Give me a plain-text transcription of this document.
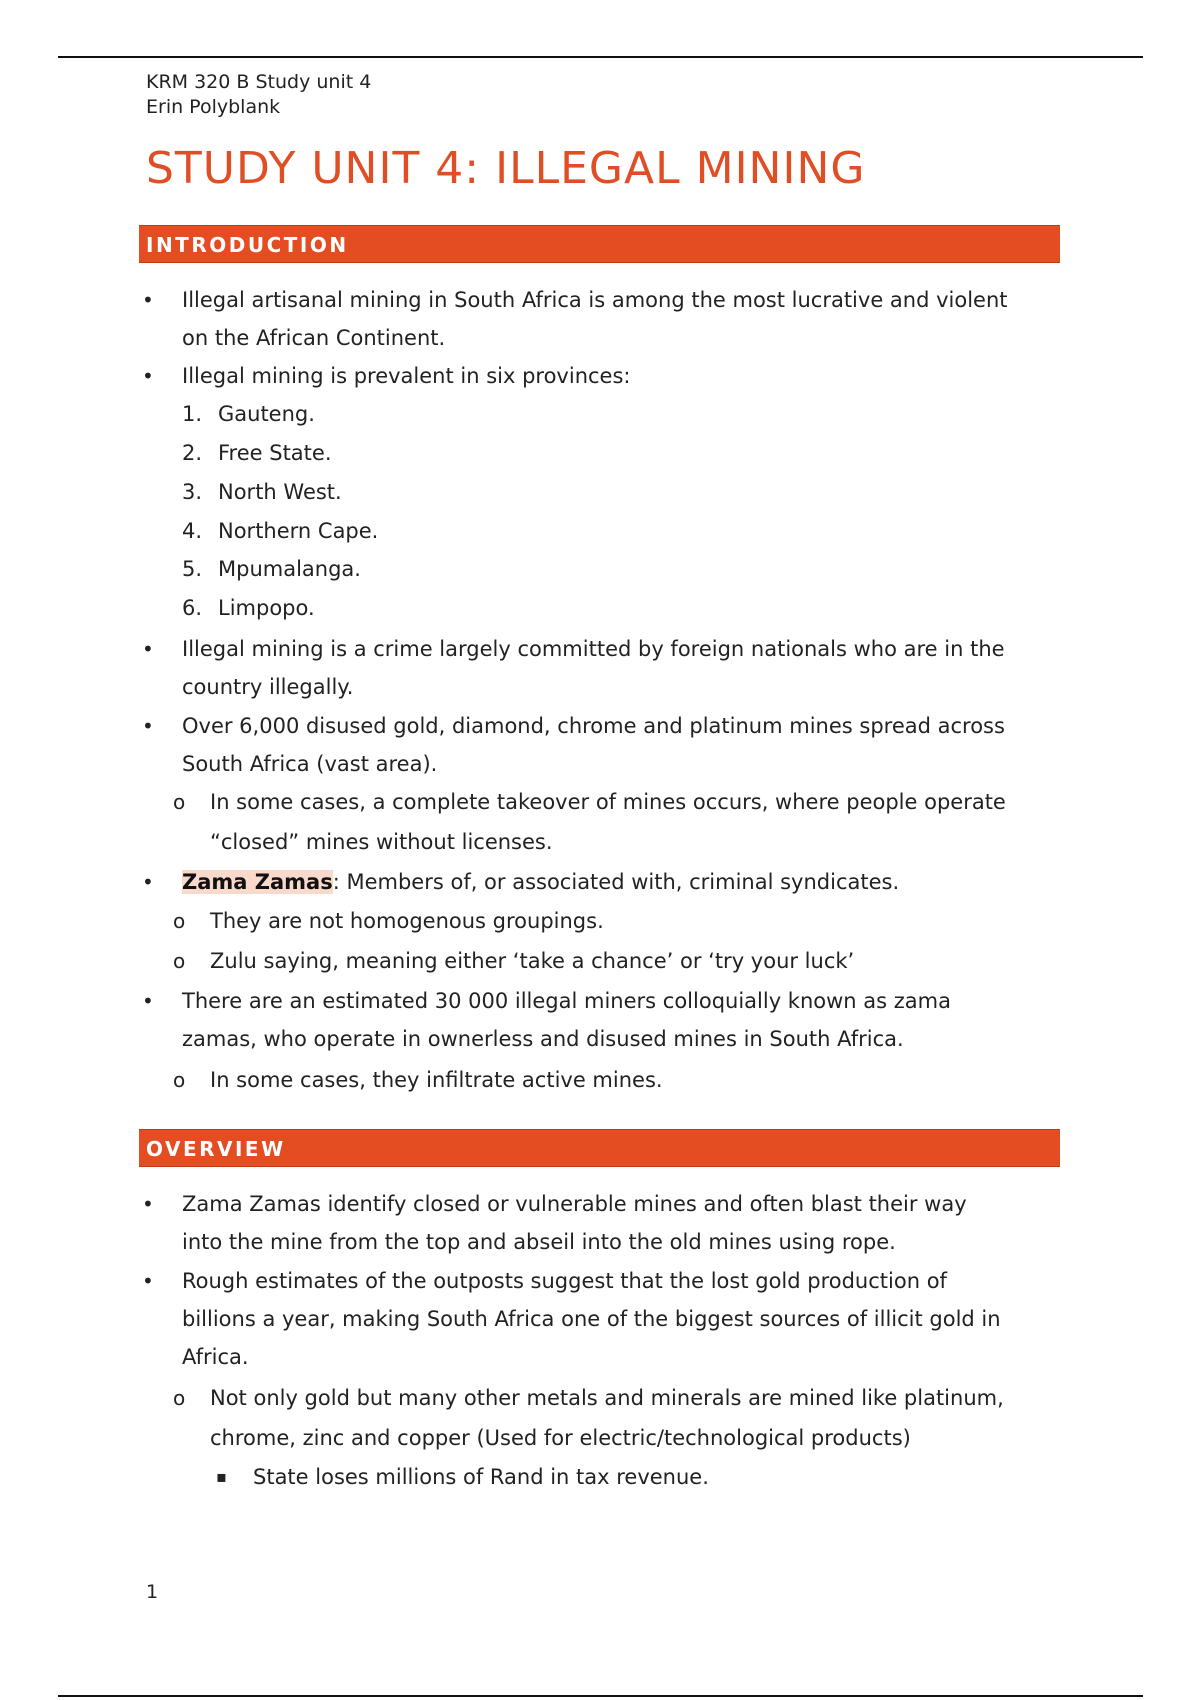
KRM 320 B Study unit 4
Erin Polyblank
STUDY UNIT 4: ILLEGAL MINING
INTRODUCTION
• Illegal artisanal mining in South Africa is among the most lucrative and violent
on the African Continent.
• Illegal mining is prevalent in six provinces:
1. Gauteng.
2. Free State.
3. North West.
4. Northern Cape.
5. Mpumalanga.
6. Limpopo.
• Illegal mining is a crime largely committed by foreign nationals who are in the
country illegally.
• Over 6,000 disused gold, diamond, chrome and platinum mines spread across
South Africa (vast area).
o In some cases, a complete takeover of mines occurs, where people operate
“closed” mines without licenses.
• Zama Zamas: Members of, or associated with, criminal syndicates.
o They are not homogenous groupings.
o Zulu saying, meaning either ‘take a chance’ or ‘try your luck’
• There are an estimated 30 000 illegal miners colloquially known as zama
zamas, who operate in ownerless and disused mines in South Africa.
o In some cases, they infiltrate active mines.
OVERVIEW
• Zama Zamas identify closed or vulnerable mines and often blast their way
into the mine from the top and abseil into the old mines using rope.
• Rough estimates of the outposts suggest that the lost gold production of
billions a year, making South Africa one of the biggest sources of illicit gold in
Africa.
o Not only gold but many other metals and minerals are mined like platinum,
chrome, zinc and copper (Used for electric/technological products)
▪ State loses millions of Rand in tax revenue.
1
